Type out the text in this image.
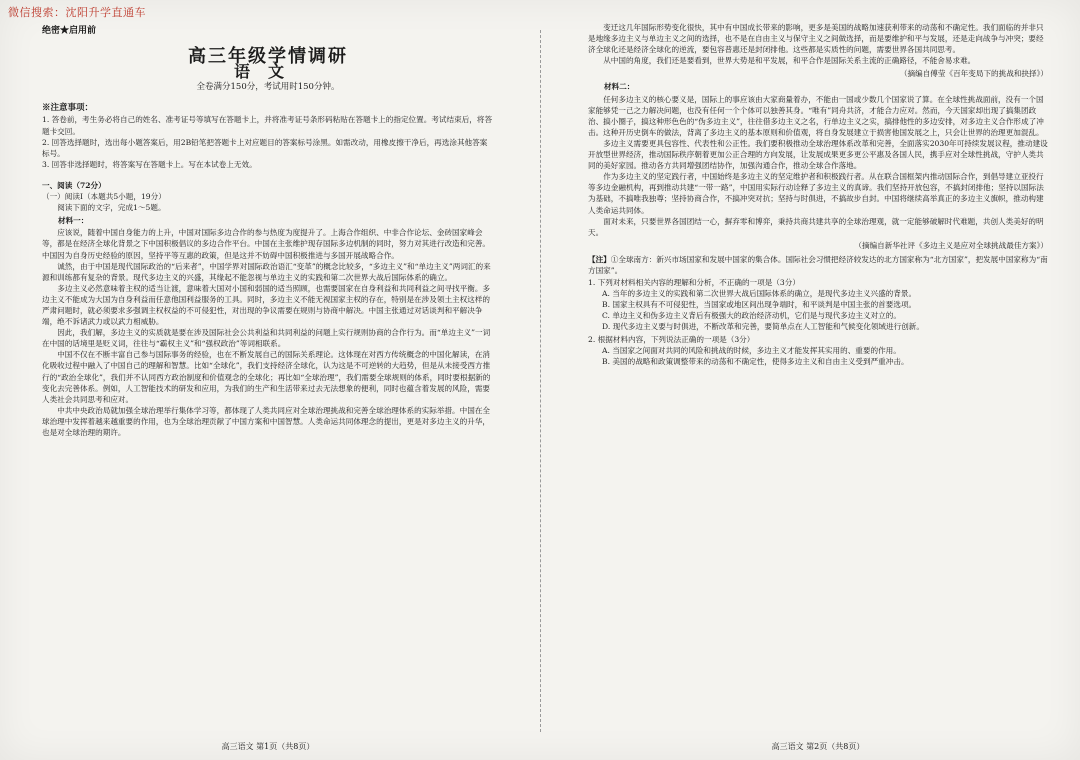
微信搜索：沈阳升学直通车

绝密★启用前

高三年级学情调研

语文

全卷满分150分，考试用时150分钟。

※注意事项：

1. 答卷前，考生务必将自己的姓名、准考证号等填写在答题卡上，并将准考证号条形码粘贴在答题卡上的指定位置。考试结束后，将答题卡交回。
2. 回答选择题时，选出每小题答案后，用2B铅笔把答题卡上对应题目的答案标号涂黑。如需改动，用橡皮擦干净后，再选涂其他答案标号。
3. 回答非选择题时，将答案写在答题卡上。写在本试卷上无效。

一、阅读（72分）

（一）阅读Ⅰ（本题共5小题，19分）

阅读下面的文字，完成1～5题。

材料一：

应该说，随着中国自身能力的上升，中国对国际多边合作的参与热度为度提升了。上海合作组织、中非合作论坛、金砖国家峰会等，都是在经济全球化背景之下中国积极倡议的多边合作平台。中国在主张维护现存国际多边机制的同时，努力对其进行改造和完善。中国因为自身历史经验的原因，坚持平等互惠的政策，但是这并不妨碍中国积极推进与多国开展战略合作。

诚然，由于中国是现代国际政治的“后来者”，中国学界对国际政治语汇“变革”的概念比较多，“多边主义”和“单边主义”两词汇的来源和训练都有复杂的背景。现代多边主义的兴盛，其缘起不能忽视与单边主义的实践和第二次世界大战后国际体系的确立。

多边主义必然意味着主权的适当让渡，意味着大国对小国和弱国的适当照顾，也需要国家在自身利益和共同利益之间寻找平衡。多边主义不能成为大国为自身利益而任意他国利益服务的工具。同时，多边主义不能无视国家主权的存在，特别是在涉及领土主权这样的严肃问题时，就必须要求多强调主权权益的不可侵犯性，对出现的争议需要在规则与协商中解决。中国主张通过对话谈判和平解决争端，绝不诉诸武力或以武力相威胁。

因此，我们解，多边主义的实质就是要在涉及国际社会公共利益和共同利益的问题上实行规则协商的合作行为。而“单边主义”一词在中国的话境里是贬义词，往往与“霸权主义”和“强权政治”等词相联系。

中国不仅在不断丰富自己参与国际事务的经验，也在不断发展自己的国际关系理论。这体现在对西方传统概念的中国化解读，在消化吸收过程中融入了中国自己的理解和智慧。比如“全球化”，我们支持经济全球化，认为这是不可逆转的大趋势，但是从未接受西方推行的“政治全球化”，我们并不认同西方政治制度和价值观念的全球化；再比如“全球治理”，我们需要全球规则的体系，同时要根据新的变化去完善体系。例如，人工智能技术的研发和应用，为我们的生产和生活带来过去无法想象的便利，同时也蕴含着发展的风险，需要人类社会共同思考和应对。

中共中央政治局就加强全球治理举行集体学习等，都体现了人类共同应对全球治理挑战和完善全球治理体系的实际举措。中国在全球治理中发挥着越来越重要的作用，也为全球治理贡献了中国方案和中国智慧。人类命运共同体理念的提出，更是对多边主义的升华，也是对全球治理的期许。

变迁这几年国际形势变化很快，其中有中国成长带来的影响，更多是美国的战略加速获利带来的动荡和不确定性。我们面临的并非只是地缘多边主义与单边主义之间的选择，也不是在自由主义与保守主义之间做选择，而是要维护和平与发展，还是走向战争与冲突；要经济全球化还是经济全球化的逆流，要包容普惠还是封闭排他。这些都是实质性的问题，需要世界各国共同思考。

从中国的角度，我们还是要看到，世界大势是和平发展，和平合作是国际关系主流的正确路径，不能舍易求难。

（摘编自傅莹《百年变局下的挑战和抉择》）

材料二：

任何多边主义的核心要义是，国际上的事应该由大家商量着办，不能由一国或少数几个国家说了算。在全球性挑战面前，没有一个国家能够凭一己之力解决问题，也没有任何一个个体可以独善其身。“唯有”同舟共济，才能合力应对。然而，今天国家却出现了搞集团政治、搞小圈子，搞这种形色色的“伪多边主义”，往往借多边主义之名，行单边主义之实，搞排他性的多边安排，对多边主义合作形成了冲击。这种开历史倒车的做法，背离了多边主义的基本原则和价值观，将自身发展建立于损害他国发展之上，只会让世界的治理更加混乱。

多边主义需要更具包容性、代表性和公正性。我们要积极推动全球治理体系改革和完善，全面落实2030年可持续发展议程，推动建设开放型世界经济，推动国际秩序朝着更加公正合理的方向发展，让发展成果更多更公平惠及各国人民，携手应对全球性挑战，守护人类共同的美好家园。推动各方共同增强团结协作，加强沟通合作，推动全球合作落地。

作为多边主义的坚定践行者，中国始终是多边主义的坚定维护者和积极践行者。从在联合国框架内推动国际合作，到倡导建立亚投行等多边金融机构，再到推动共建“一带一路”，中国用实际行动诠释了多边主义的真谛。我们坚持开放包容，不搞封闭排他；坚持以国际法为基础，不搞唯我独尊；坚持协商合作，不搞冲突对抗；坚持与时俱进，不搞故步自封。中国将继续高举真正的多边主义旗帜，推动构建人类命运共同体。

面对未来，只要世界各国团结一心，摒弃零和博弈，秉持共商共建共享的全球治理观，就一定能够破解时代难题，共创人类美好的明天。

（摘编自新华社评《多边主义是应对全球挑战最佳方案》）

【注】①全球南方：新兴市场国家和发展中国家的集合体。国际社会习惯把经济较发达的北方国家称为“北方国家”，把发展中国家称为“南方国家”。

1. 下列对材料相关内容的理解和分析，不正确的一项是（3分）

A. 当年的多边主义的实践和第二次世界大战后国际体系的确立，是现代多边主义兴盛的背景。

B. 国家主权具有不可侵犯性，当国家或地区间出现争端时，和平谈判是中国主张的首要选项。

C. 单边主义和伪多边主义背后有极强大的政治经济动机，它们是与现代多边主义对立的。

D. 现代多边主义要与时俱进，不断改革和完善，要简单点在人工智能和气候变化领域进行创新。

2. 根据材料内容，下列说法正确的一项是（3分）

A. 当国家之间面对共同的风险和挑战的时候，多边主义才能发挥其实用的、重要的作用。

B. 美国的战略和政策调整带来的动荡和不确定性，使得多边主义和自由主义受到严重冲击。

高三语文 第1页（共8页）	高三语文 第2页（共8页）
